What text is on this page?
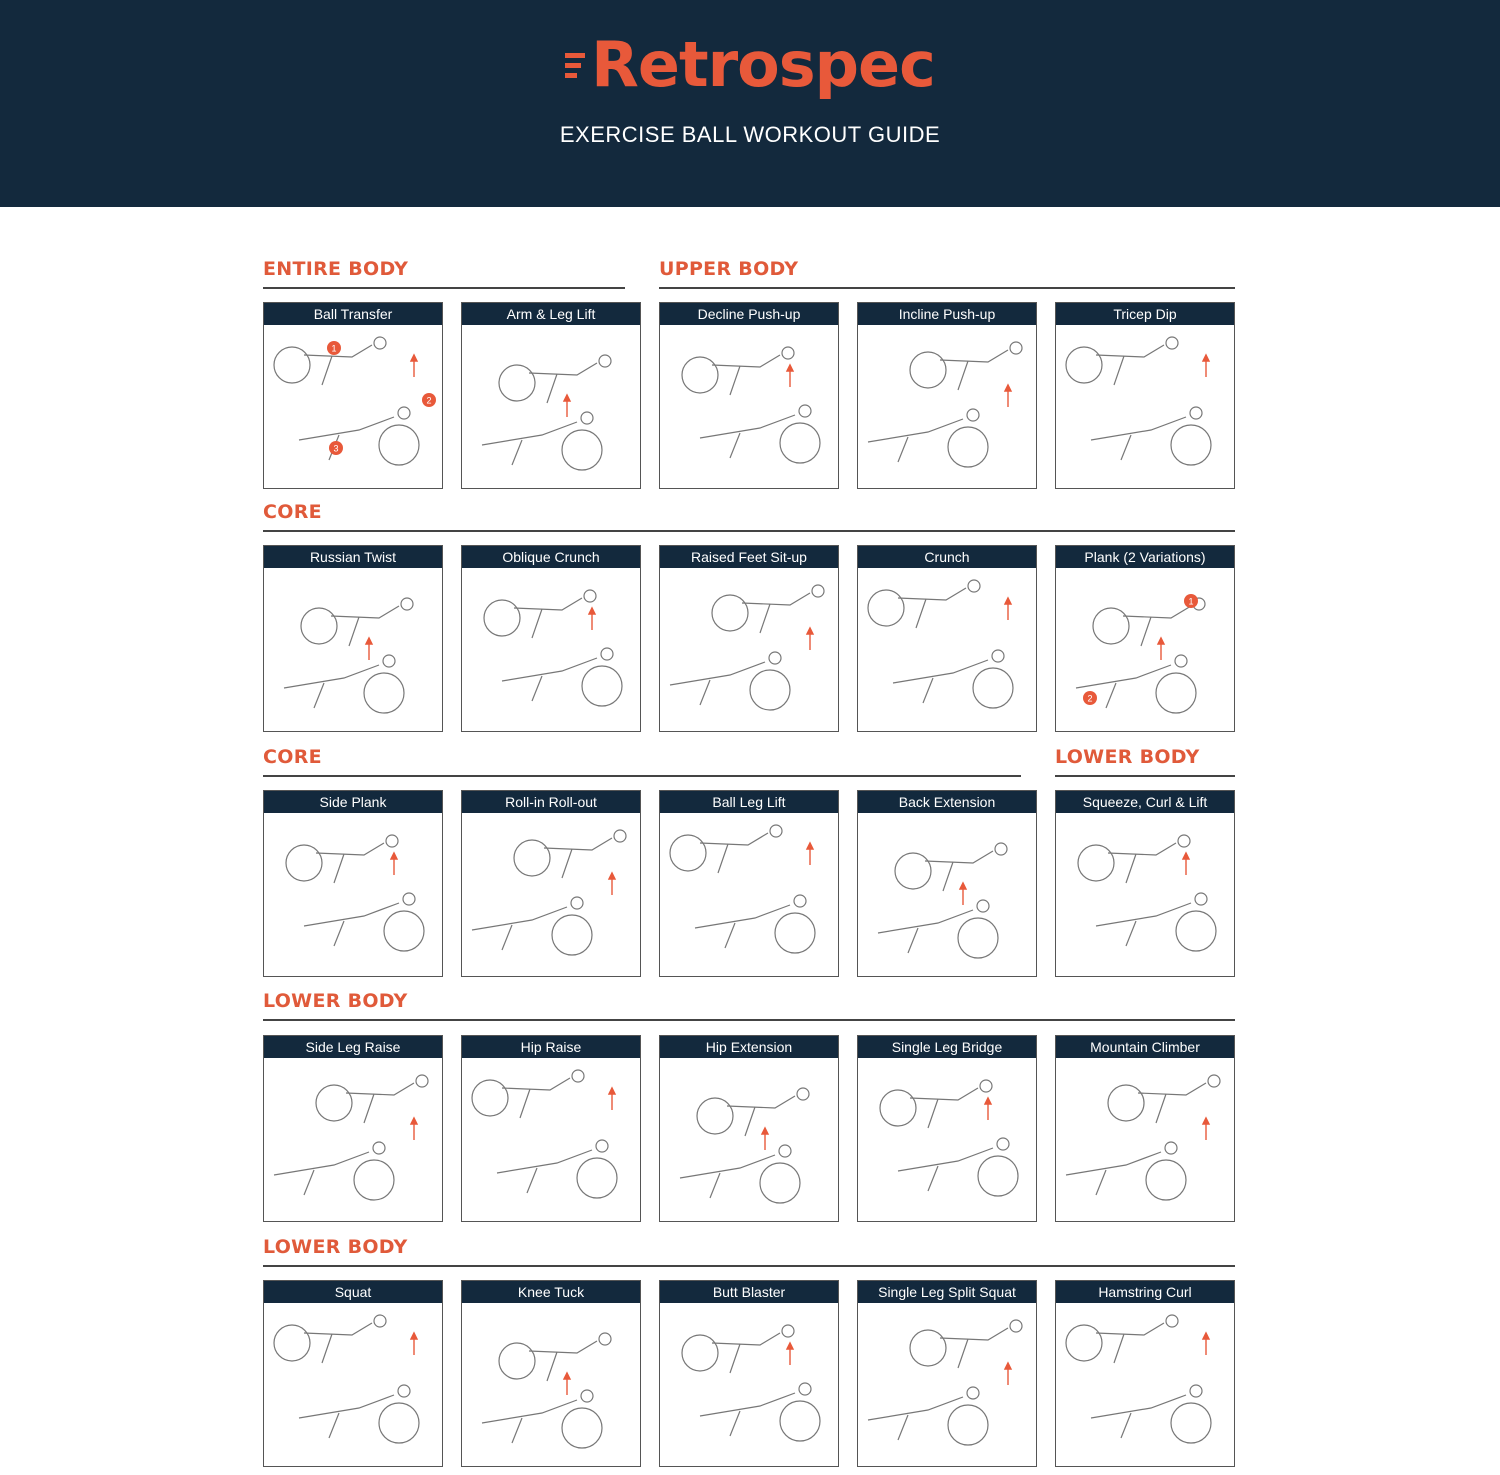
Retrospec
EXERCISE BALL WORKOUT GUIDE
ENTIRE BODY	UPPER BODY
Ball Transfer
1
2
3
Arm & Leg Lift	Decline Push-up	Incline Push-up	Tricep Dip
CORE
Russian Twist	Oblique Crunch	Raised Feet Sit-up	Crunch	Plank (2 Variations)
1
2
CORE	LOWER BODY
Side Plank	Roll-in Roll-out	Ball Leg Lift	Back Extension	Squeeze, Curl & Lift
LOWER BODY
Side Leg Raise	Hip Raise	Hip Extension	Single Leg Bridge	Mountain Climber
LOWER BODY
Squat	Knee Tuck	Butt Blaster	Single Leg Split Squat	Hamstring Curl
